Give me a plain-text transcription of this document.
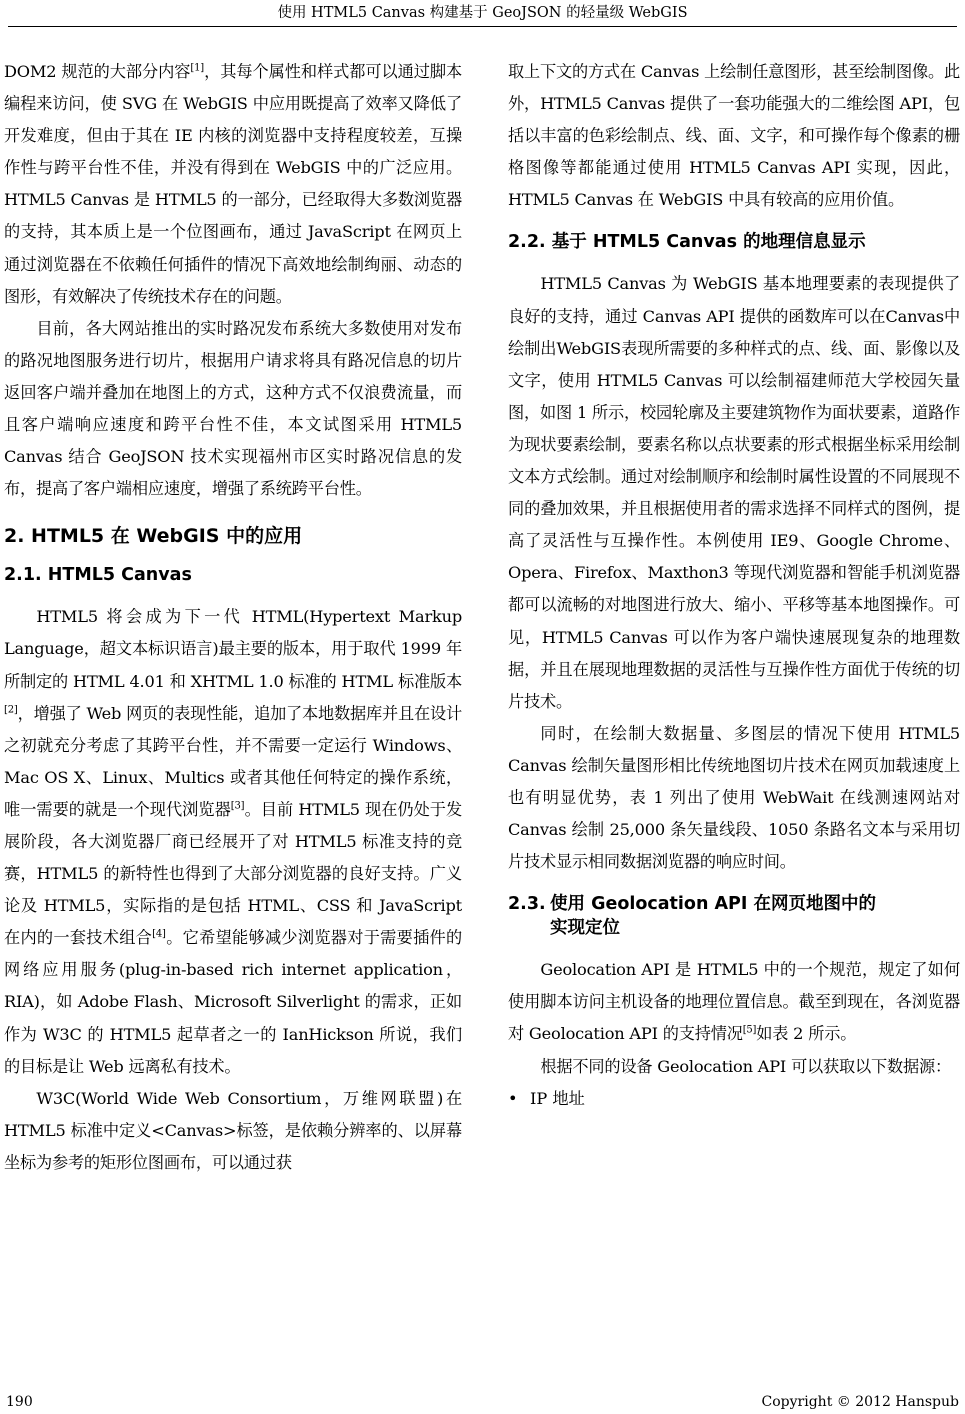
使用 HTML5 Canvas 构建基于 GeoJSON 的轻量级 WebGIS

DOM2 规范的大部分内容[1]，其每个属性和样式都可以通过脚本编程来访问，使 SVG 在 WebGIS 中应用既提高了效率又降低了开发难度，但由于其在 IE 内核的浏览器中支持程度较差，互操作性与跨平台性不佳，并没有得到在 WebGIS 中的广泛应用。HTML5 Canvas 是 HTML5 的一部分，已经取得大多数浏览器的支持，其本质上是一个位图画布，通过 JavaScript 在网页上通过浏览器在不依赖任何插件的情况下高效地绘制绚丽、动态的图形，有效解决了传统技术存在的问题。

目前，各大网站推出的实时路况发布系统大多数使用对发布的路况地图服务进行切片，根据用户请求将具有路况信息的切片返回客户端并叠加在地图上的方式，这种方式不仅浪费流量，而且客户端响应速度和跨平台性不佳，本文试图采用 HTML5 Canvas 结合 GeoJSON 技术实现福州市区实时路况信息的发布，提高了客户端相应速度，增强了系统跨平台性。

2. HTML5 在 WebGIS 中的应用
2.1. HTML5 Canvas

HTML5 将会成为下一代 HTML(Hypertext Markup Language，超文本标识语言)最主要的版本，用于取代 1999 年所制定的 HTML 4.01 和 XHTML 1.0 标准的 HTML 标准版本[2]，增强了 Web 网页的表现性能，追加了本地数据库并且在设计之初就充分考虑了其跨平台性，并不需要一定运行 Windows、Mac OS X、Linux、Multics 或者其他任何特定的操作系统，唯一需要的就是一个现代浏览器[3]。目前 HTML5 现在仍处于发展阶段，各大浏览器厂商已经展开了对 HTML5 标准支持的竞赛，HTML5 的新特性也得到了大部分浏览器的良好支持。广义论及 HTML5，实际指的是包括 HTML、CSS 和 JavaScript 在内的一套技术组合[4]。它希望能够减少浏览器对于需要插件的网络应用服务(plug-in-based rich internet application，RIA)，如 Adobe Flash、Microsoft Silverlight 的需求，正如作为 W3C 的 HTML5 起草者之一的 IanHickson 所说，我们的目标是让 Web 远离私有技术。

W3C(World Wide Web Consortium，万维网联盟)在 HTML5 标准中定义<Canvas>标签，是依赖分辨率的、以屏幕坐标为参考的矩形位图画布，可以通过获

取上下文的方式在 Canvas 上绘制任意图形，甚至绘制图像。此外，HTML5 Canvas 提供了一套功能强大的二维绘图 API，包括以丰富的色彩绘制点、线、面、文字，和可操作每个像素的栅格图像等都能通过使用 HTML5 Canvas API 实现，因此，HTML5 Canvas 在 WebGIS 中具有较高的应用价值。

2.2. 基于 HTML5 Canvas 的地理信息显示

HTML5 Canvas 为 WebGIS 基本地理要素的表现提供了良好的支持，通过 Canvas API 提供的函数库可以在Canvas中绘制出WebGIS表现所需要的多种样式的点、线、面、影像以及文字，使用 HTML5 Canvas 可以绘制福建师范大学校园矢量图，如图 1 所示，校园轮廓及主要建筑物作为面状要素，道路作为现状要素绘制，要素名称以点状要素的形式根据坐标采用绘制文本方式绘制。通过对绘制顺序和绘制时属性设置的不同展现不同的叠加效果，并且根据使用者的需求选择不同样式的图例，提高了灵活性与互操作性。本例使用 IE9、Google Chrome、Opera、Firefox、Maxthon3 等现代浏览器和智能手机浏览器都可以流畅的对地图进行放大、缩小、平移等基本地图操作。可见，HTML5 Canvas 可以作为客户端快速展现复杂的地理数据，并且在展现地理数据的灵活性与互操作性方面优于传统的切片技术。

同时，在绘制大数据量、多图层的情况下使用 HTML5 Canvas 绘制矢量图形相比传统地图切片技术在网页加载速度上也有明显优势，表 1 列出了使用 WebWait 在线测速网站对 Canvas 绘制 25,000 条矢量线段、1050 条路名文本与采用切片技术显示相同数据浏览器的响应时间。

2.3. 使用 Geolocation API 在网页地图中的
实现定位

Geolocation API 是 HTML5 中的一个规范，规定了如何使用脚本访问主机设备的地理位置信息。截至到现在，各浏览器对 Geolocation API 的支持情况[5]如表 2 所示。

根据不同的设备 Geolocation API 可以获取以下数据源：

• IP 地址

190	Copyright © 2012 Hanspub
